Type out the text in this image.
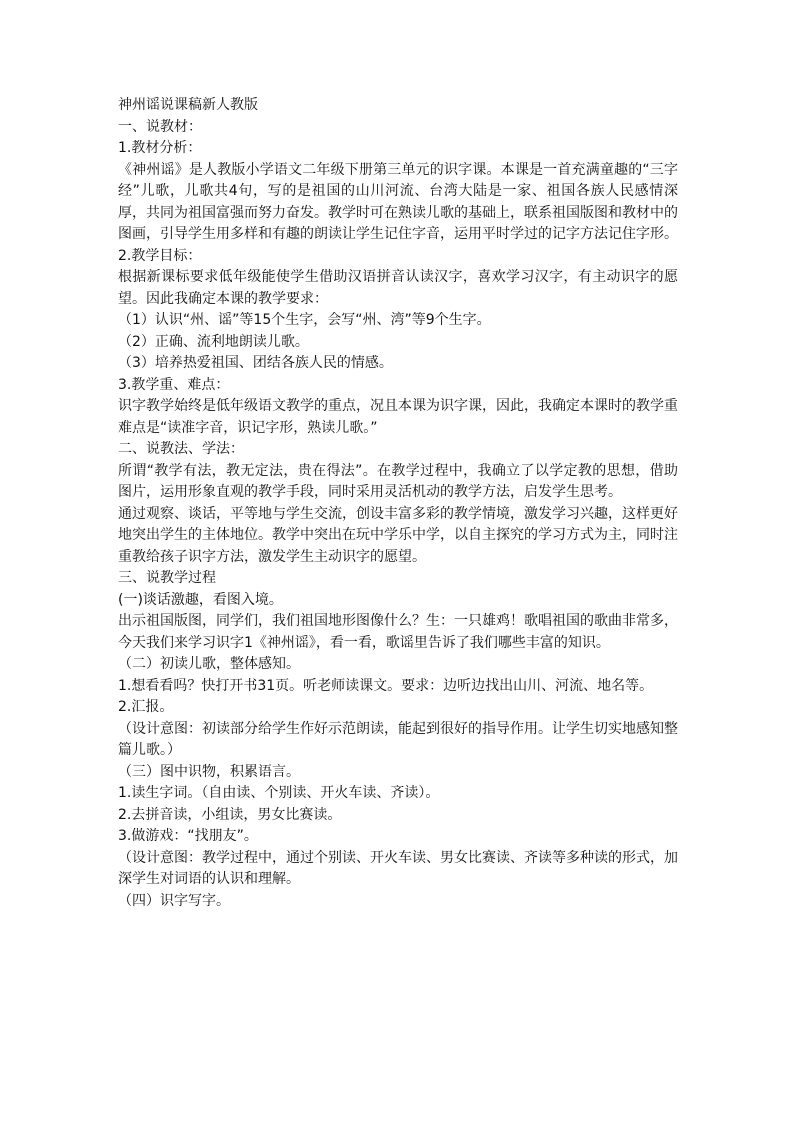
神州谣说课稿新人教版

一、说教材：

1.教材分析：

《神州谣》是人教版小学语文二年级下册第三单元的识字课。本课是一首充满童趣的“三字经”儿歌，儿歌共4句，写的是祖国的山川河流、台湾大陆是一家、祖国各族人民感情深厚，共同为祖国富强而努力奋发。教学时可在熟读儿歌的基础上，联系祖国版图和教材中的图画，引导学生用多样和有趣的朗读让学生记住字音，运用平时学过的记字方法记住字形。

2.教学目标：

根据新课标要求低年级能使学生借助汉语拼音认读汉字，喜欢学习汉字，有主动识字的愿望。因此我确定本课的教学要求：

（1）认识“州、谣”等15个生字，会写“州、湾”等9个生字。

（2）正确、流利地朗读儿歌。

（3）培养热爱祖国、团结各族人民的情感。

3.教学重、难点：

识字教学始终是低年级语文教学的重点，况且本课为识字课，因此，我确定本课时的教学重难点是“读准字音，识记字形，熟读儿歌。”

二、说教法、学法：

所谓“教学有法，教无定法，贵在得法”。在教学过程中，我确立了以学定教的思想，借助图片，运用形象直观的教学手段，同时采用灵活机动的教学方法，启发学生思考。

通过观察、谈话，平等地与学生交流，创设丰富多彩的教学情境，激发学习兴趣，这样更好地突出学生的主体地位。教学中突出在玩中学乐中学，以自主探究的学习方式为主，同时注重教给孩子识字方法，激发学生主动识字的愿望。

三、说教学过程

(一)谈话激趣，看图入境。

出示祖国版图，同学们，我们祖国地形图像什么？生：一只雄鸡！歌唱祖国的歌曲非常多，今天我们来学习识字1《神州谣》，看一看，歌谣里告诉了我们哪些丰富的知识。

（二）初读儿歌，整体感知。

1.想看看吗？快打开书31页。听老师读课文。要求：边听边找出山川、河流、地名等。

2.汇报。

（设计意图：初读部分给学生作好示范朗读，能起到很好的指导作用。让学生切实地感知整篇儿歌。）

（三）图中识物，积累语言。

1.读生字词。（自由读、个别读、开火车读、齐读）。

2.去拼音读，小组读，男女比赛读。

3.做游戏：“找朋友”。

（设计意图：教学过程中，通过个别读、开火车读、男女比赛读、齐读等多种读的形式，加深学生对词语的认识和理解。

（四）识字写字。
